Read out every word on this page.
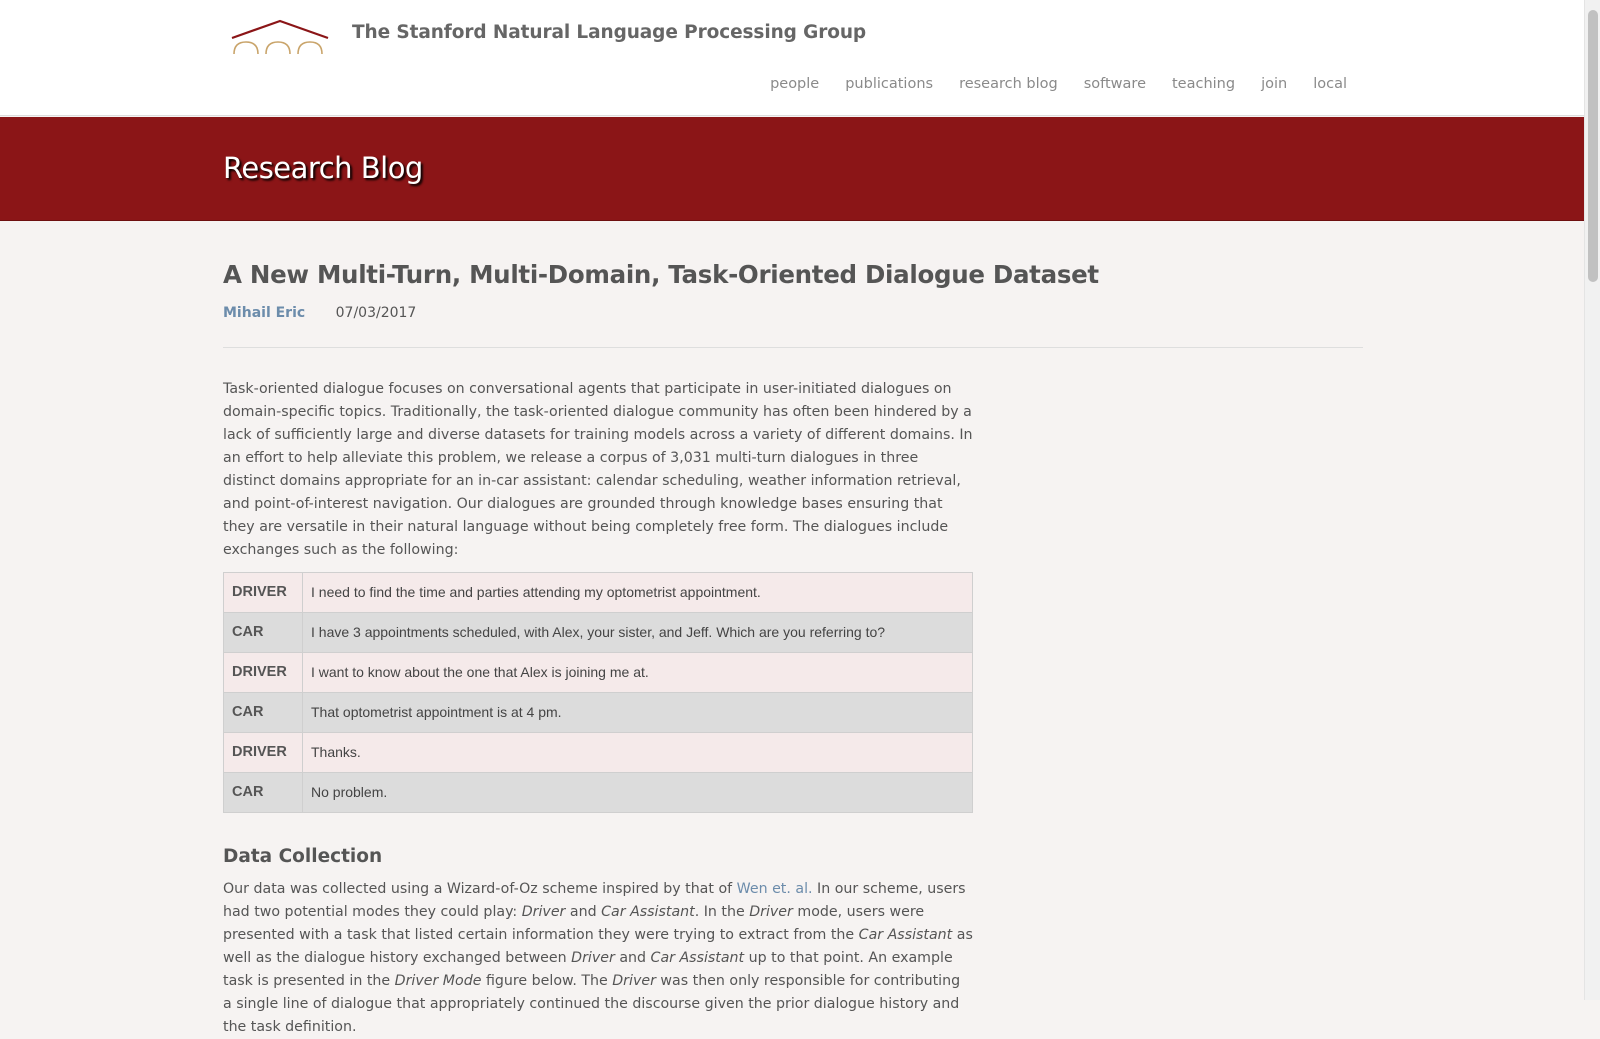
The Stanford Natural Language Processing Group
people publications research blog software teaching join local
Research Blog
A New Multi-Turn, Multi-Domain, Task-Oriented Dialogue Dataset
Mihail Eric 07/03/2017

Task-oriented dialogue focuses on conversational agents that participate in user-initiated dialogues on domain-specific topics. Traditionally, the task-oriented dialogue community has often been hindered by a lack of sufficiently large and diverse datasets for training models across a variety of different domains. In an effort to help alleviate this problem, we release a corpus of 3,031 multi-turn dialogues in three distinct domains appropriate for an in-car assistant: calendar scheduling, weather information retrieval, and point-of-interest navigation. Our dialogues are grounded through knowledge bases ensuring that they are versatile in their natural language without being completely free form. The dialogues include exchanges such as the following:

DRIVER	I need to find the time and parties attending my optometrist appointment.
CAR	I have 3 appointments scheduled, with Alex, your sister, and Jeff. Which are you referring to?
DRIVER	I want to know about the one that Alex is joining me at.
CAR	That optometrist appointment is at 4 pm.
DRIVER	Thanks.
CAR	No problem.
Data Collection

Our data was collected using a Wizard-of-Oz scheme inspired by that of Wen et. al. In our scheme, users had two potential modes they could play: Driver and Car Assistant. In the Driver mode, users were presented with a task that listed certain information they were trying to extract from the Car Assistant as well as the dialogue history exchanged between Driver and Car Assistant up to that point. An example task is presented in the Driver Mode figure below. The Driver was then only responsible for contributing a single line of dialogue that appropriately continued the discourse given the prior dialogue history and the task definition.
